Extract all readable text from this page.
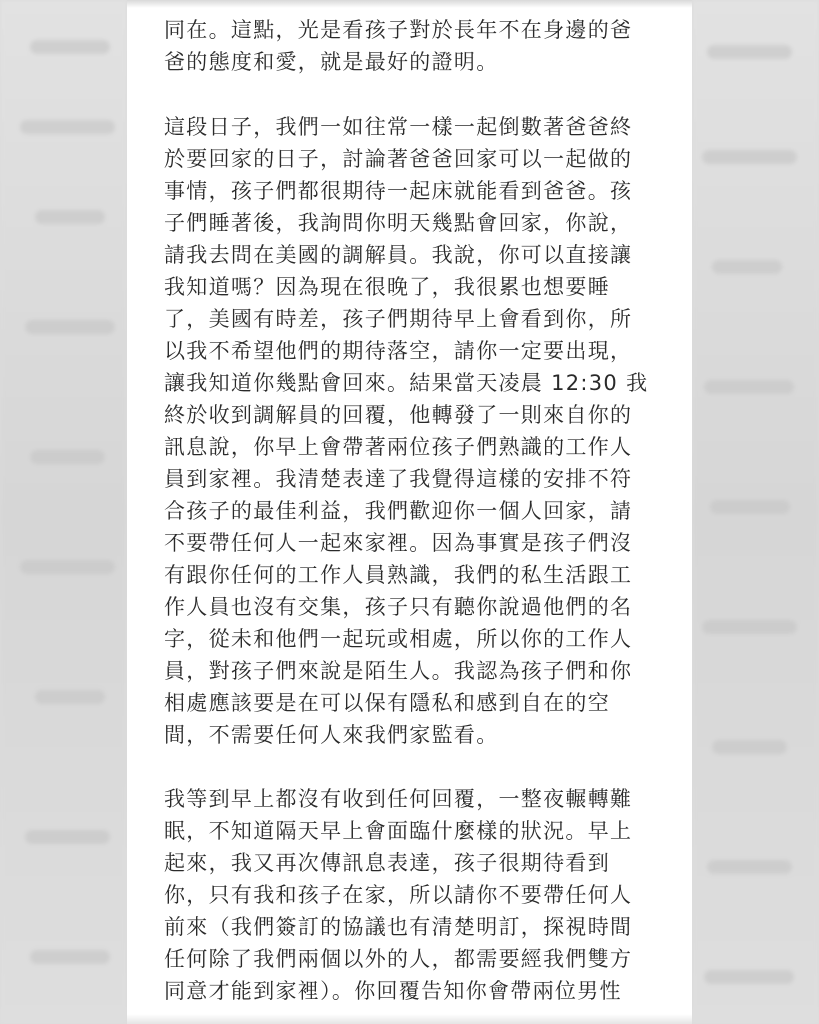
同在。這點，光是看孩子對於長年不在身邊的爸
爸的態度和愛，就是最好的證明。

這段日子，我們一如往常一樣一起倒數著爸爸終
於要回家的日子，討論著爸爸回家可以一起做的
事情，孩子們都很期待一起床就能看到爸爸。孩
子們睡著後，我詢問你明天幾點會回家，你說，
請我去問在美國的調解員。我說，你可以直接讓
我知道嗎？因為現在很晚了，我很累也想要睡
了，美國有時差，孩子們期待早上會看到你，所
以我不希望他們的期待落空，請你一定要出現，
讓我知道你幾點會回來。結果當天凌晨 12:30 我
終於收到調解員的回覆，他轉發了一則來自你的
訊息說，你早上會帶著兩位孩子們熟識的工作人
員到家裡。我清楚表達了我覺得這樣的安排不符
合孩子的最佳利益，我們歡迎你一個人回家，請
不要帶任何人一起來家裡。因為事實是孩子們沒
有跟你任何的工作人員熟識，我們的私生活跟工
作人員也沒有交集，孩子只有聽你說過他們的名
字，從未和他們一起玩或相處，所以你的工作人
員，對孩子們來說是陌生人。我認為孩子們和你
相處應該要是在可以保有隱私和感到自在的空
間，不需要任何人來我們家監看。

我等到早上都沒有收到任何回覆，一整夜輾轉難
眠，不知道隔天早上會面臨什麼樣的狀況。早上
起來，我又再次傳訊息表達，孩子很期待看到
你，只有我和孩子在家，所以請你不要帶任何人
前來（我們簽訂的協議也有清楚明訂，探視時間
任何除了我們兩個以外的人，都需要經我們雙方
同意才能到家裡）。你回覆告知你會帶兩位男性
